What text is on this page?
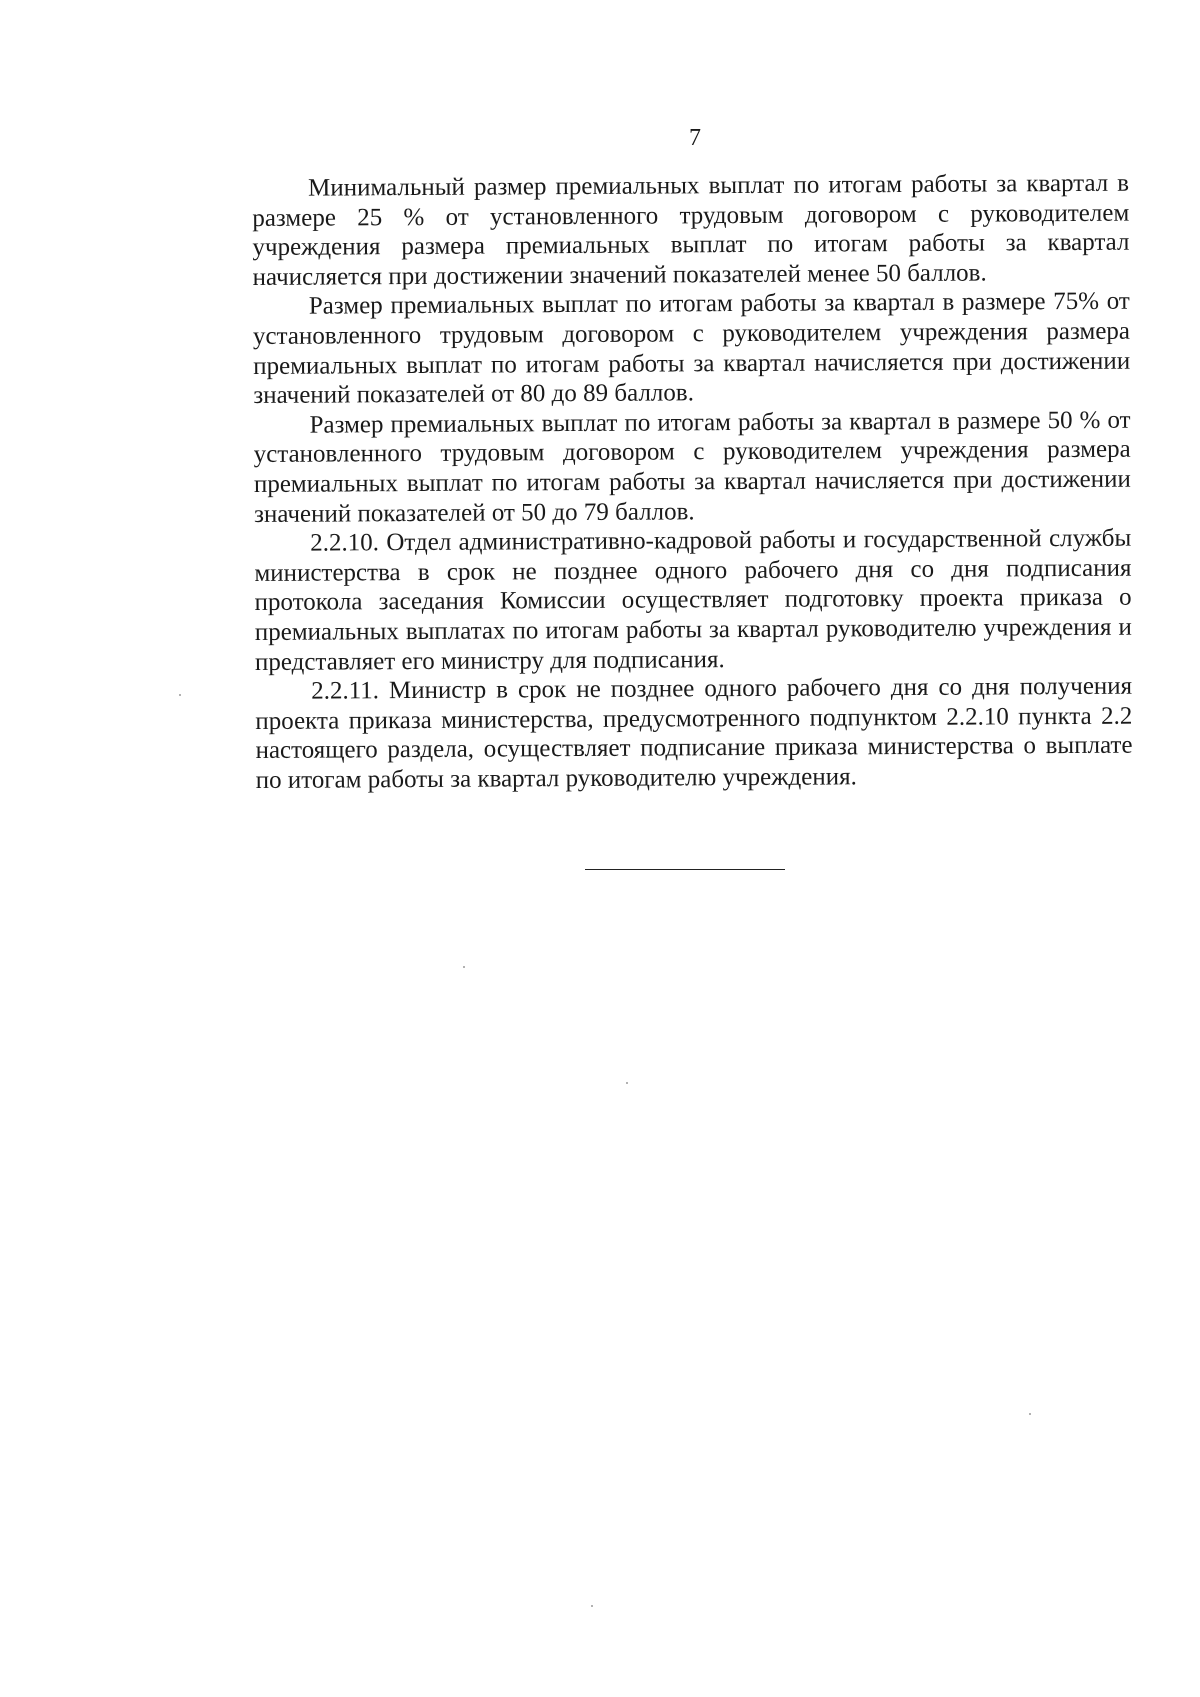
7

Минимальный размер премиальных выплат по итогам работы за квартал в размере 25 % от установленного трудовым договором с руководителем учреждения размера премиальных выплат по итогам работы за квартал начисляется при достижении значений показателей менее 50 баллов.

Размер премиальных выплат по итогам работы за квартал в размере 75% от установленного трудовым договором с руководителем учреждения размера премиальных выплат по итогам работы за квартал начисляется при достижении значений показателей от 80 до 89 баллов.

Размер премиальных выплат по итогам работы за квартал в размере 50 % от установленного трудовым договором с руководителем учреждения размера премиальных выплат по итогам работы за квартал начисляется при достижении значений показателей от 50 до 79 баллов.

2.2.10. Отдел административно-кадровой работы и государственной службы министерства в срок не позднее одного рабочего дня со дня подписания протокола заседания Комиссии осуществляет подготовку проекта приказа о премиальных выплатах по итогам работы за квартал руководителю учреждения и представляет его министру для подписания.

2.2.11. Министр в срок не позднее одного рабочего дня со дня получения проекта приказа министерства, предусмотренного подпунктом 2.2.10 пункта 2.2 настоящего раздела, осуществляет подписание приказа министерства о выплате по итогам работы за квартал руководителю учреждения.
